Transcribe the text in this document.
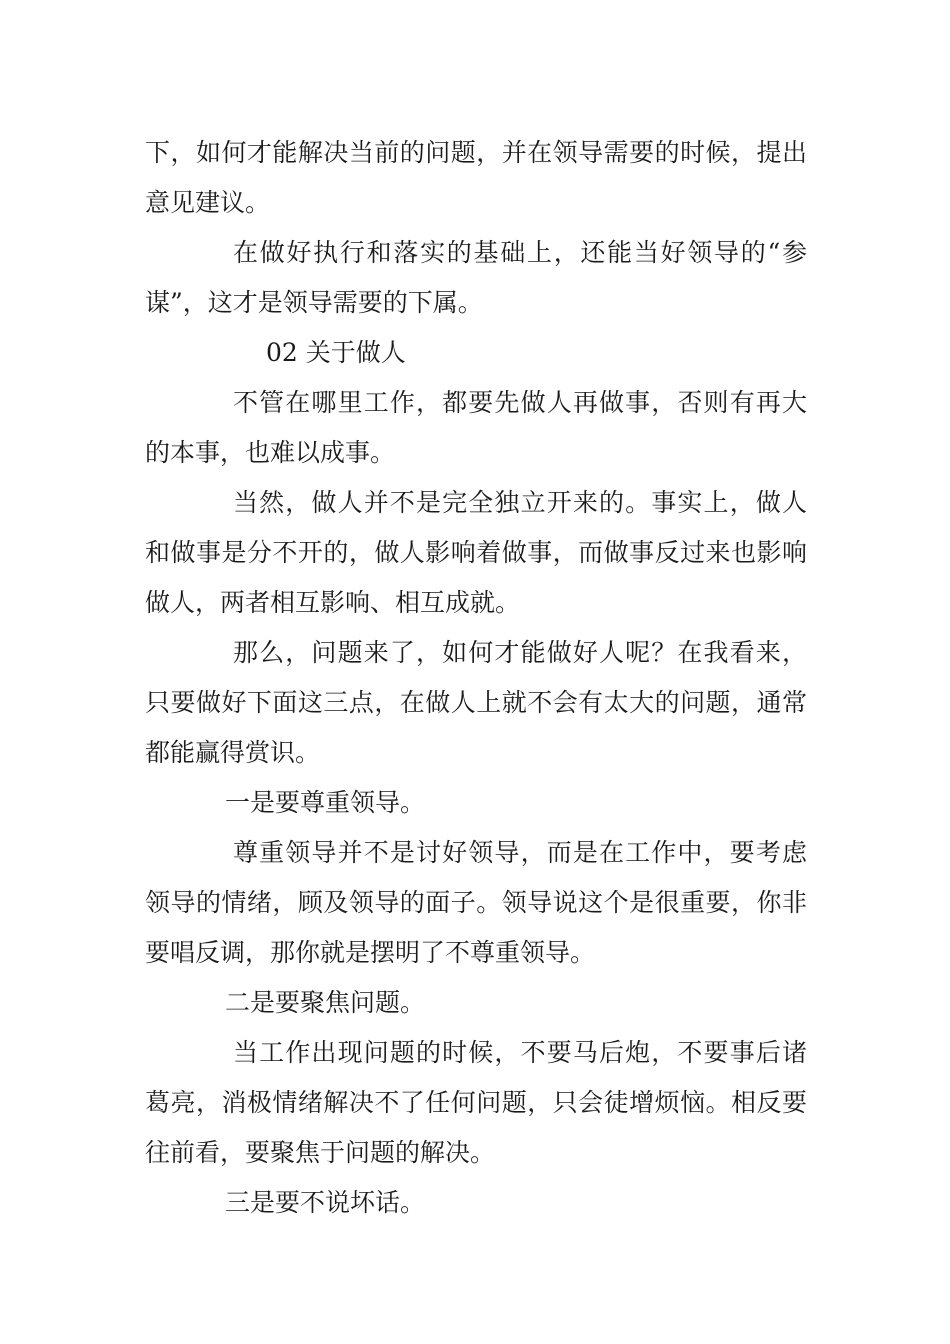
下，如何才能解决当前的问题，并在领导需要的时候，提出意见建议。

在做好执行和落实的基础上，还能当好领导的“参谋”，这才是领导需要的下属。

02 关于做人

不管在哪里工作，都要先做人再做事，否则有再大的本事，也难以成事。

当然，做人并不是完全独立开来的。事实上，做人和做事是分不开的，做人影响着做事，而做事反过来也影响做人，两者相互影响、相互成就。

那么，问题来了，如何才能做好人呢？在我看来，只要做好下面这三点，在做人上就不会有太大的问题，通常都能赢得赏识。

一是要尊重领导。

尊重领导并不是讨好领导，而是在工作中，要考虑领导的情绪，顾及领导的面子。领导说这个是很重要，你非要唱反调，那你就是摆明了不尊重领导。

二是要聚焦问题。

当工作出现问题的时候，不要马后炮，不要事后诸葛亮，消极情绪解决不了任何问题，只会徒增烦恼。相反要往前看，要聚焦于问题的解决。

三是要不说坏话。
